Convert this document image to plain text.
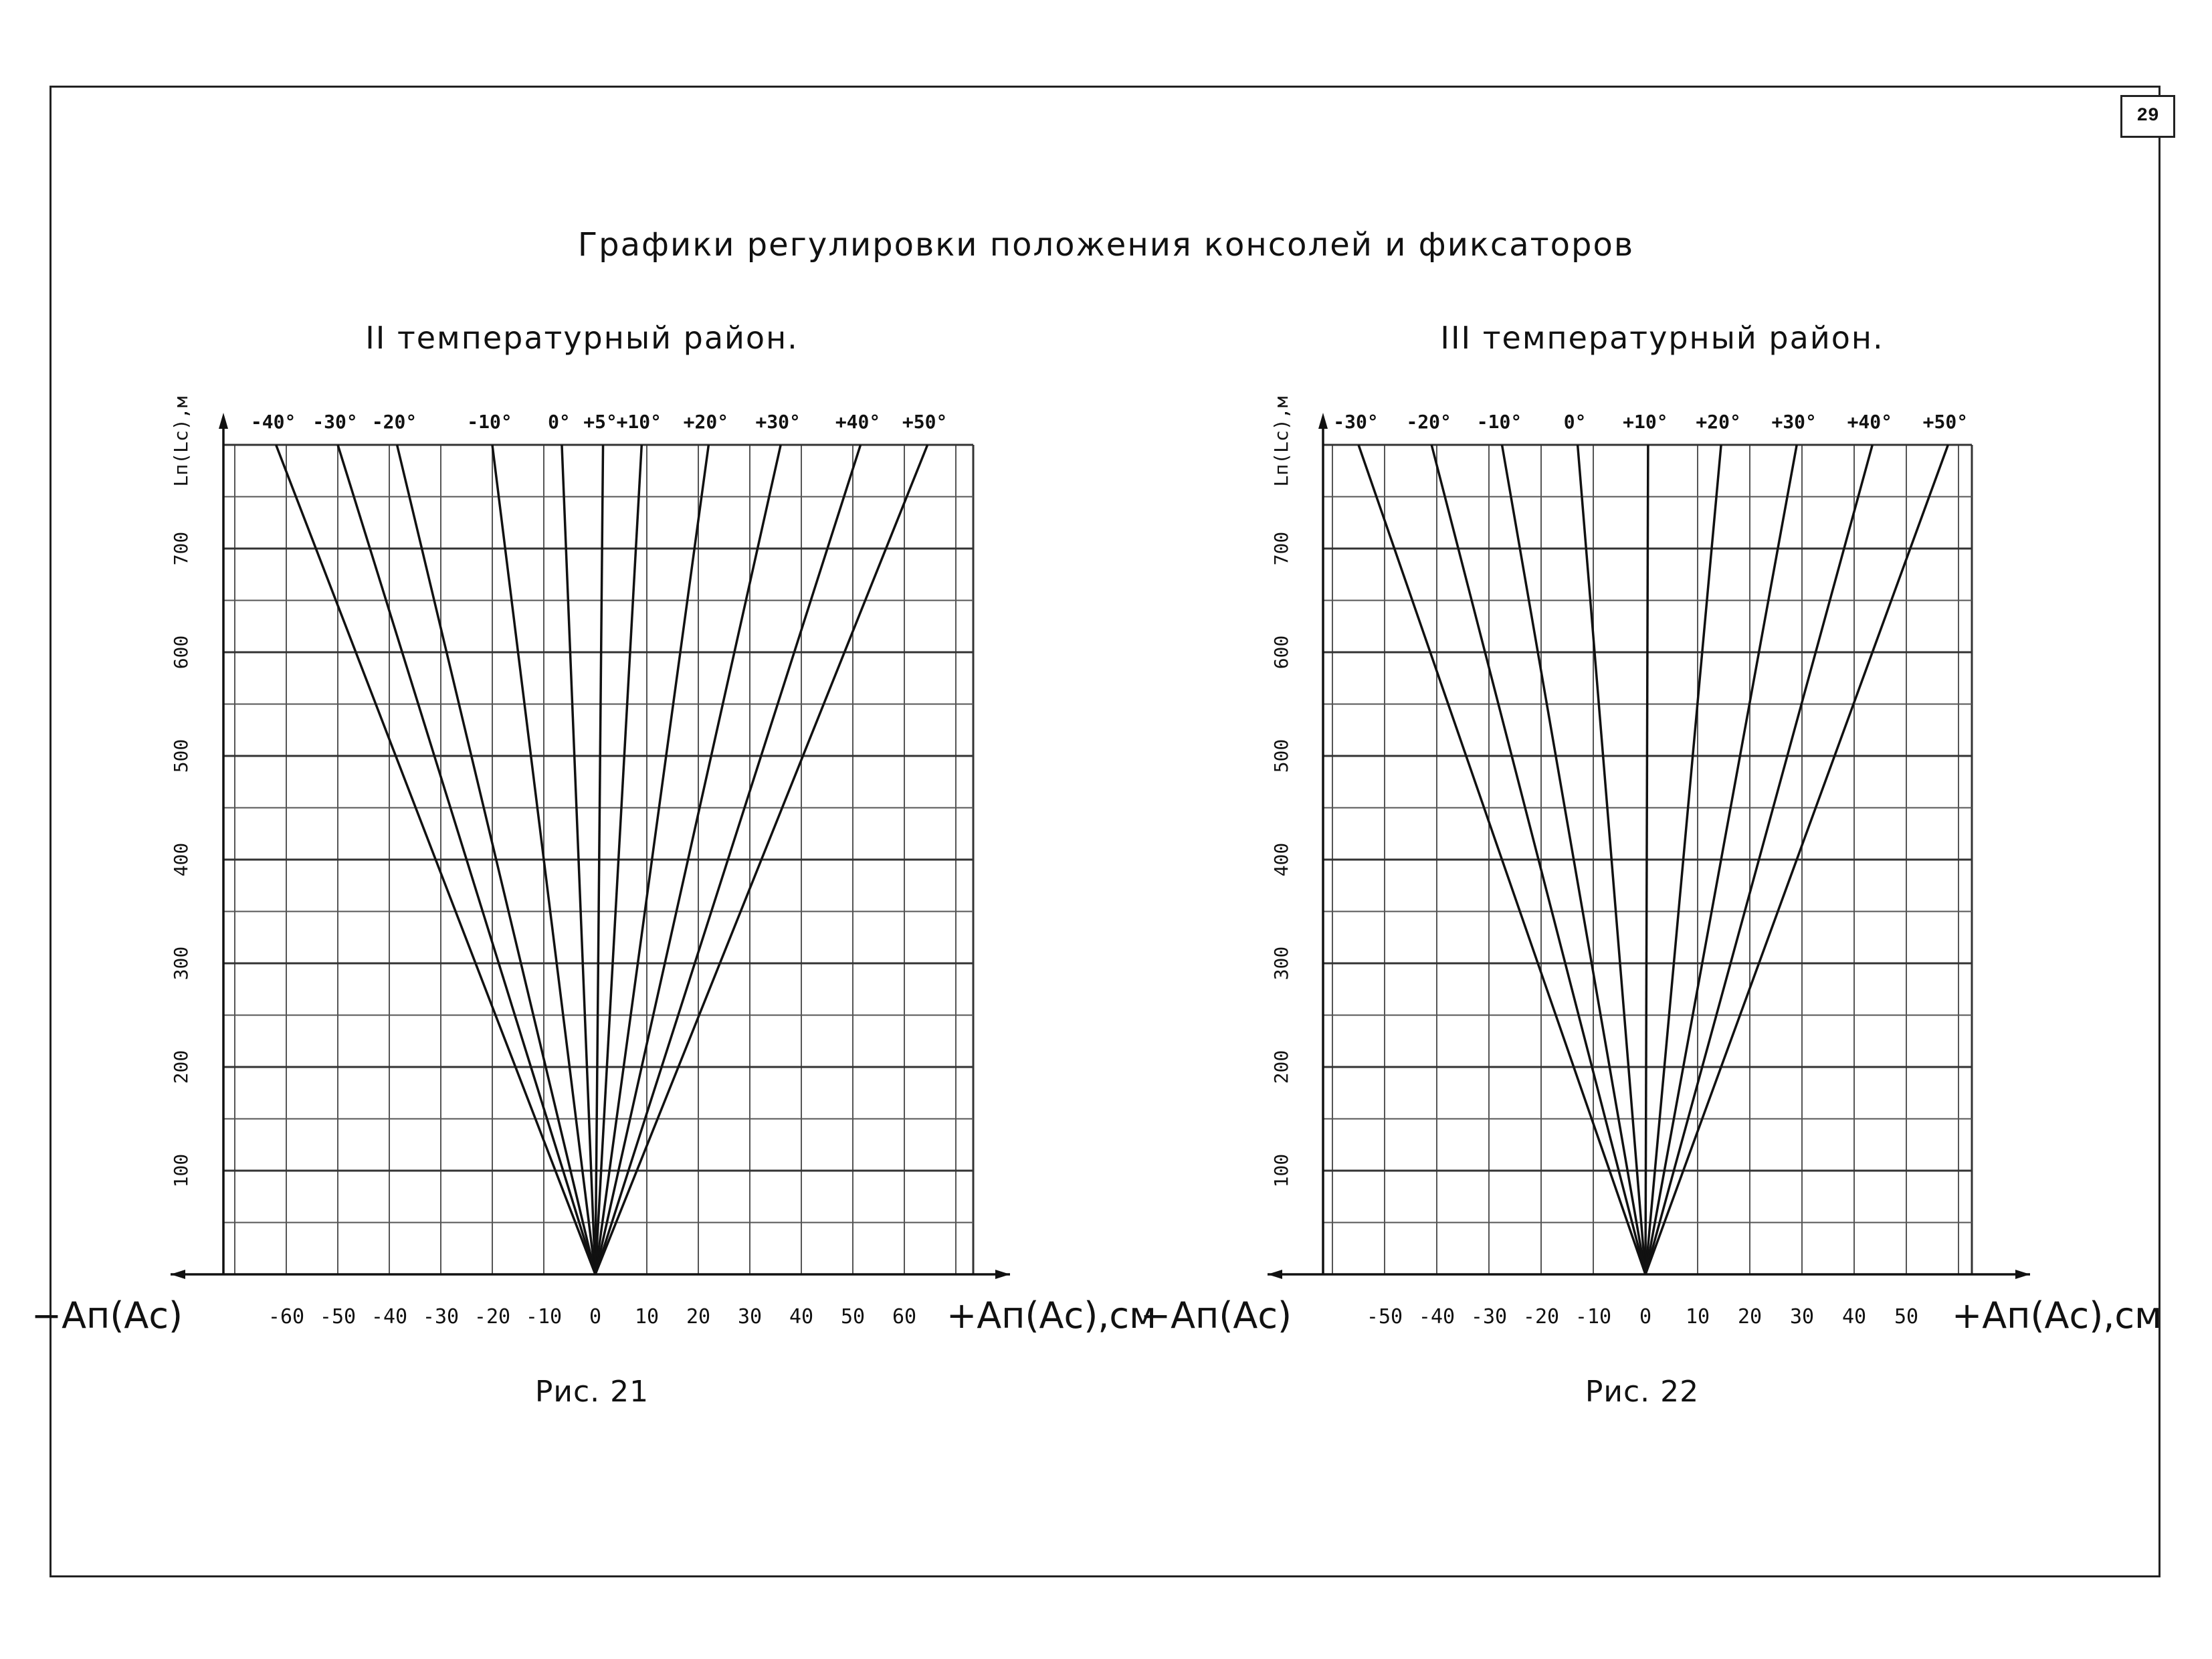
29
Графики регулировки положения консолей и фиксаторов
II температурный район.	III температурный район.
Рис. 21	Рис. 22
-40° -30° -20°	-10° 0° +5°
+10° +20° +30° +40° +50°
-60 -50 -40 -30 -20 -10 0 10 20 30 40 50 60
100
200
300
400
500
600
700
Lп(Lс),м
−Aп(Aс)	+Aп(Aс),см
-30° -20° -10° 0° +10° +20° +30° +40° +50°
-50 -40 -30 -20 -10 0 10 20 30 40 50
100
200
300
400
500
600
700
Lп(Lс),м
−Aп(Aс)	+Aп(Aс),см
